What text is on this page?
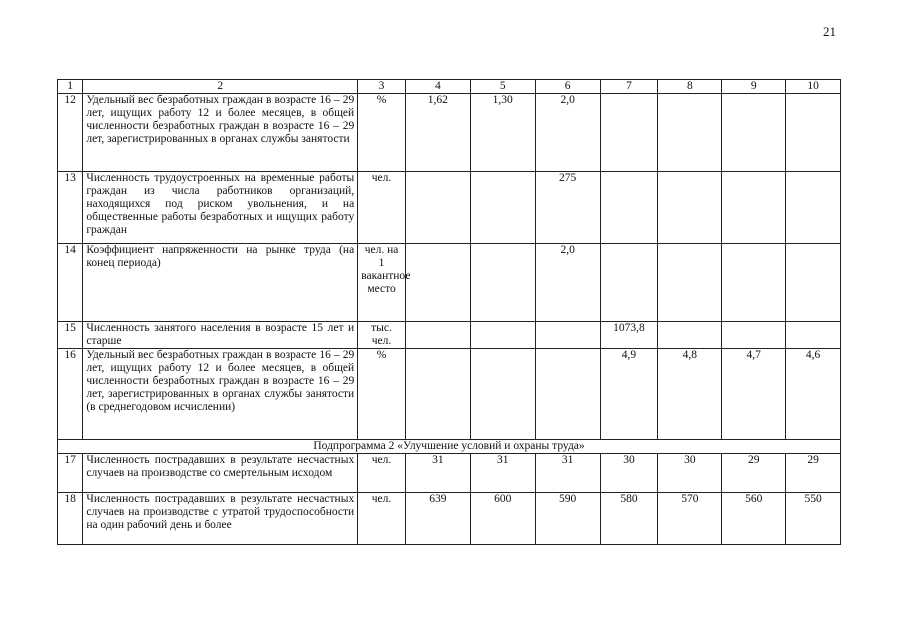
21
1	2	3	4	5	6	7	8	9	10
12	Удельный вес безработных граждан в возрасте 16 – 29 лет, ищущих работу 12 и более месяцев, в общей численности безработных граждан в возрасте 16 – 29 лет, зарегистрированных в органах службы занятости	%	1,62	1,30	2,0				
13	Численность трудоустроенных на временные работы граждан из числа работников организаций, находящихся под риском увольнения, и на общественные работы безработных и ищущих работу граждан	чел.			275				
14	Коэффициент напряженности на рынке труда (на конец периода)	чел. на 1 вакантное место			2,0				
15	Численность занятого населения в возрасте 15 лет и старше	тыс. чел.				1073,8			
16	Удельный вес безработных граждан в возрасте 16 – 29 лет, ищущих работу 12 и более месяцев, в общей численности безработных граждан в возрасте 16 – 29 лет, зарегистрированных в органах службы занятости (в среднегодовом исчислении)	%				4,9	4,8	4,7	4,6
Подпрограмма 2 «Улучшение условий и охраны труда»									
17	Численность пострадавших в результате несчастных случаев на производстве со смертельным исходом	чел.	31	31	31	30	30	29	29
18	Численность пострадавших в результате несчастных случаев на производстве с утратой трудоспособности на один рабочий день и более	чел.	639	600	590	580	570	560	550
